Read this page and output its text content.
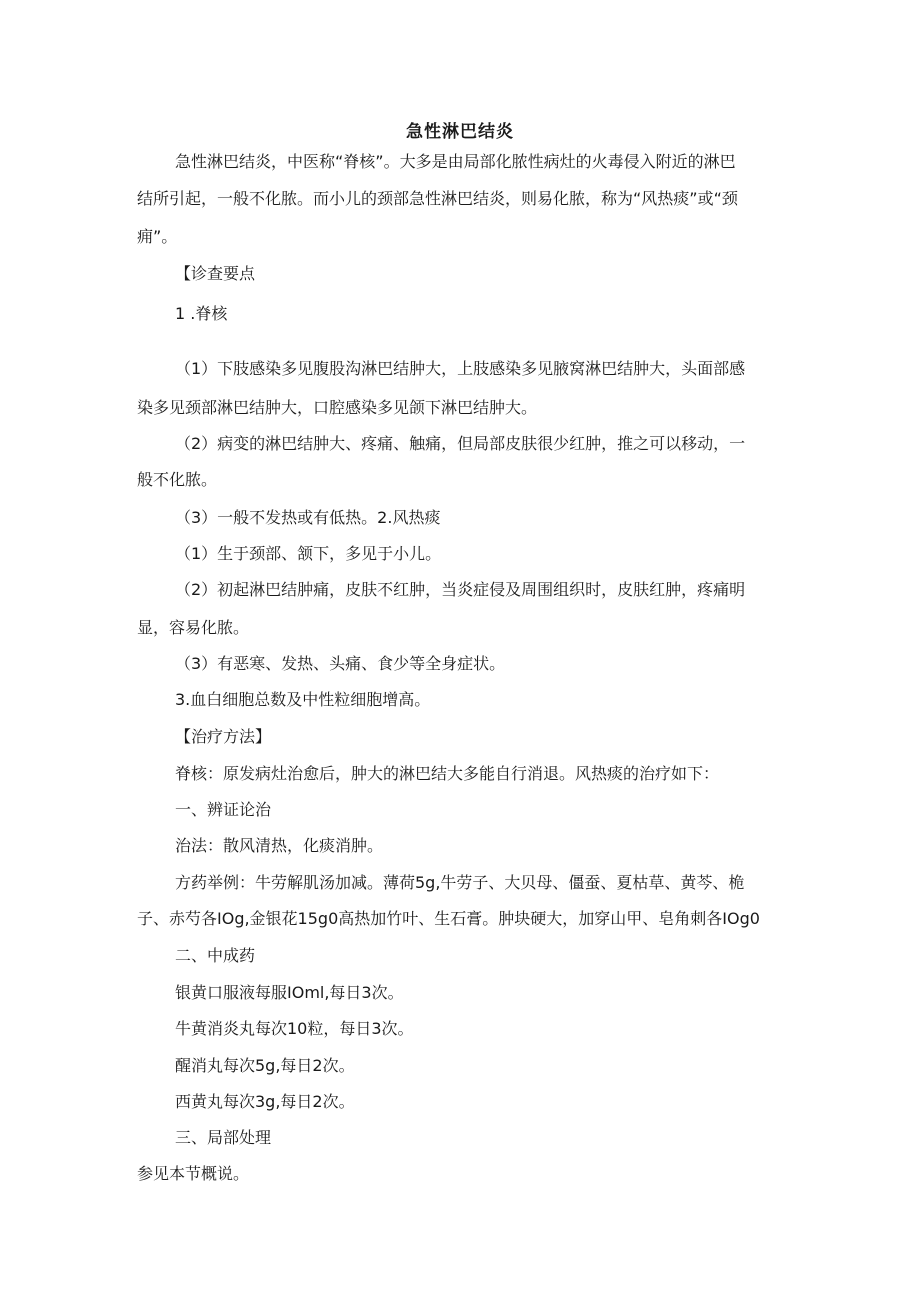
急性淋巴结炎
急性淋巴结炎，中医称“脊核”。大多是由局部化脓性病灶的火毒侵入附近的淋巴
结所引起，一般不化脓。而小儿的颈部急性淋巴结炎，则易化脓，称为“风热痰”或“颈
痈”。
【诊查要点
1 .脊核
（1）下肢感染多见腹股沟淋巴结肿大，上肢感染多见腋窝淋巴结肿大，头面部感
染多见颈部淋巴结肿大，口腔感染多见颌下淋巴结肿大。
（2）病变的淋巴结肿大、疼痛、触痛，但局部皮肤很少红肿，推之可以移动，一
般不化脓。
（3）一般不发热或有低热。2.风热痰
（1）生于颈部、颔下，多见于小儿。
（2）初起淋巴结肿痛，皮肤不红肿，当炎症侵及周围组织时，皮肤红肿，疼痛明
显，容易化脓。
（3）有恶寒、发热、头痛、食少等全身症状。
3.血白细胞总数及中性粒细胞增高。
【治疗方法】
脊核：原发病灶治愈后，肿大的淋巴结大多能自行消退。风热痰的治疗如下：
一、辨证论治
治法：散风清热，化痰消肿。
方药举例：牛劳解肌汤加减。薄荷5g,牛劳子、大贝母、僵蚕、夏枯草、黄芩、桅
子、赤芍各IOg,金银花15g0高热加竹叶、生石膏。肿块硬大，加穿山甲、皂角刺各IOg0
二、中成药
银黄口服液每服IOml,每日3次。
牛黄消炎丸每次10粒，每日3次。
醒消丸每次5g,每日2次。
西黄丸每次3g,每日2次。
三、局部处理
参见本节概说。
